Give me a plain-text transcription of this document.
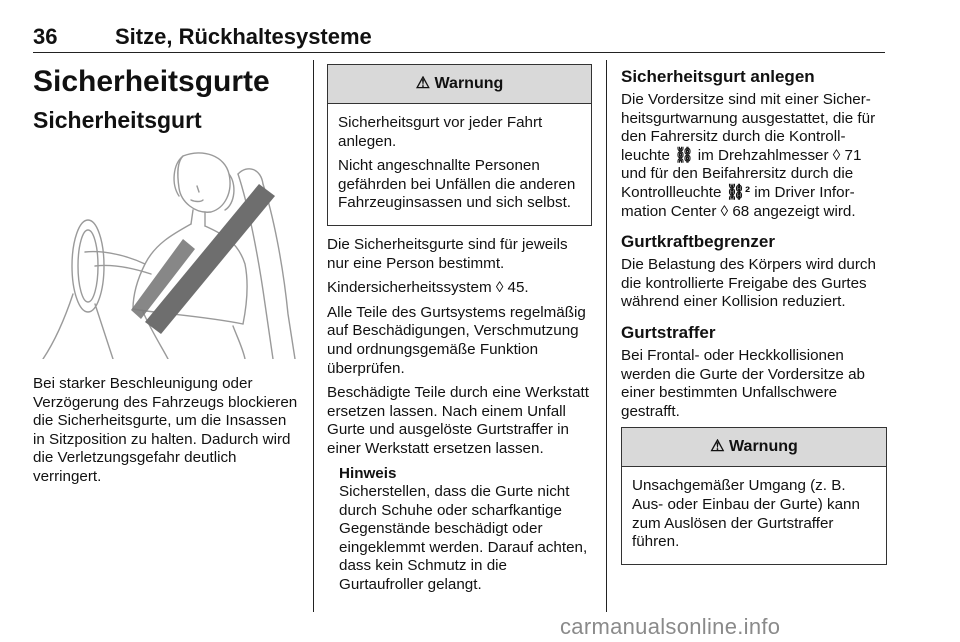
36	Sitze, Rückhaltesysteme
Sicherheitsgurte
Sicherheitsgurt

Bei starker Beschleunigung oder Verzögerung des Fahrzeugs blockieren die Sicherheitsgurte, um die Insassen in Sitzposition zu halten. Dadurch wird die Verletzungsgefahr deutlich verringert.

⚠ Warnung

Sicherheitsgurt vor jeder Fahrt anlegen.

Nicht angeschnallte Personen gefährden bei Unfällen die anderen Fahrzeuginsassen und sich selbst.

Die Sicherheitsgurte sind für jeweils nur eine Person bestimmt.

Kindersicherheitssystem ◊ 45.

Alle Teile des Gurtsystems regelmäßig auf Beschädigungen, Verschmutzung und ordnungsgemäße Funktion überprüfen.

Beschädigte Teile durch eine Werkstatt ersetzen lassen. Nach einem Unfall Gurte und ausgelöste Gurtstraffer in einer Werkstatt ersetzen lassen.

Hinweis

Sicherstellen, dass die Gurte nicht durch Schuhe oder scharfkantige Gegenstände beschädigt oder eingeklemmt werden. Darauf achten, dass kein Schmutz in die Gurtaufroller gelangt.

Sicherheitsgurt anlegen

Die Vordersitze sind mit einer Sicherheitsgurtwarnung ausgestattet, die für den Fahrersitz durch die Kontrollleuchte ⛓ im Drehzahlmesser ◊ 71 und für den Beifahrersitz durch die Kontrollleuchte ⛓² im Driver Information Center ◊ 68 angezeigt wird.

Gurtkraftbegrenzer

Die Belastung des Körpers wird durch die kontrollierte Freigabe des Gurtes während einer Kollision reduziert.

Gurtstraffer

Bei Frontal- oder Heckkollisionen werden die Gurte der Vordersitze ab einer bestimmten Unfallschwere gestrafft.

⚠ Warnung

Unsachgemäßer Umgang (z. B. Aus- oder Einbau der Gurte) kann zum Auslösen der Gurtstraffer führen.

carmanualsonline.info
